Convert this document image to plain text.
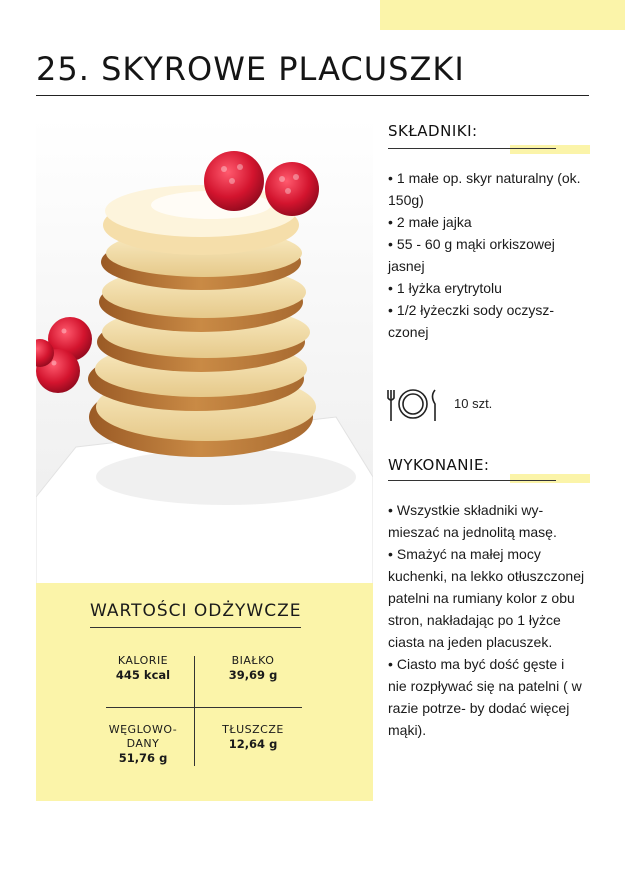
25. SKYROWE PLACUSZKI
WARTOŚCI ODŻYWCZE
KALORIE
445 kcal
BIAŁKO
39,69 g
WĘGLOWO-
DANY
51,76 g
TŁUSZCZE
12,64 g
SKŁADNIKI:
• 1 małe op. skyr naturalny (ok. 150g)
• 2 małe jajka
• 55 - 60 g mąki orkiszowej jasnej
• 1 łyżka erytrytolu
• 1/2 łyżeczki sody oczysz- czonej
10 szt.
WYKONANIE:
• Wszystkie składniki wy- mieszać na jednolitą masę.
• Smażyć na małej mocy kuchenki, na lekko otłuszczonej patelni na rumiany kolor z obu stron, nakładając po 1 łyżce ciasta na jeden placuszek.
• Ciasto ma być dość gęste i nie rozpływać się na patelni ( w razie potrze- by dodać więcej mąki).
